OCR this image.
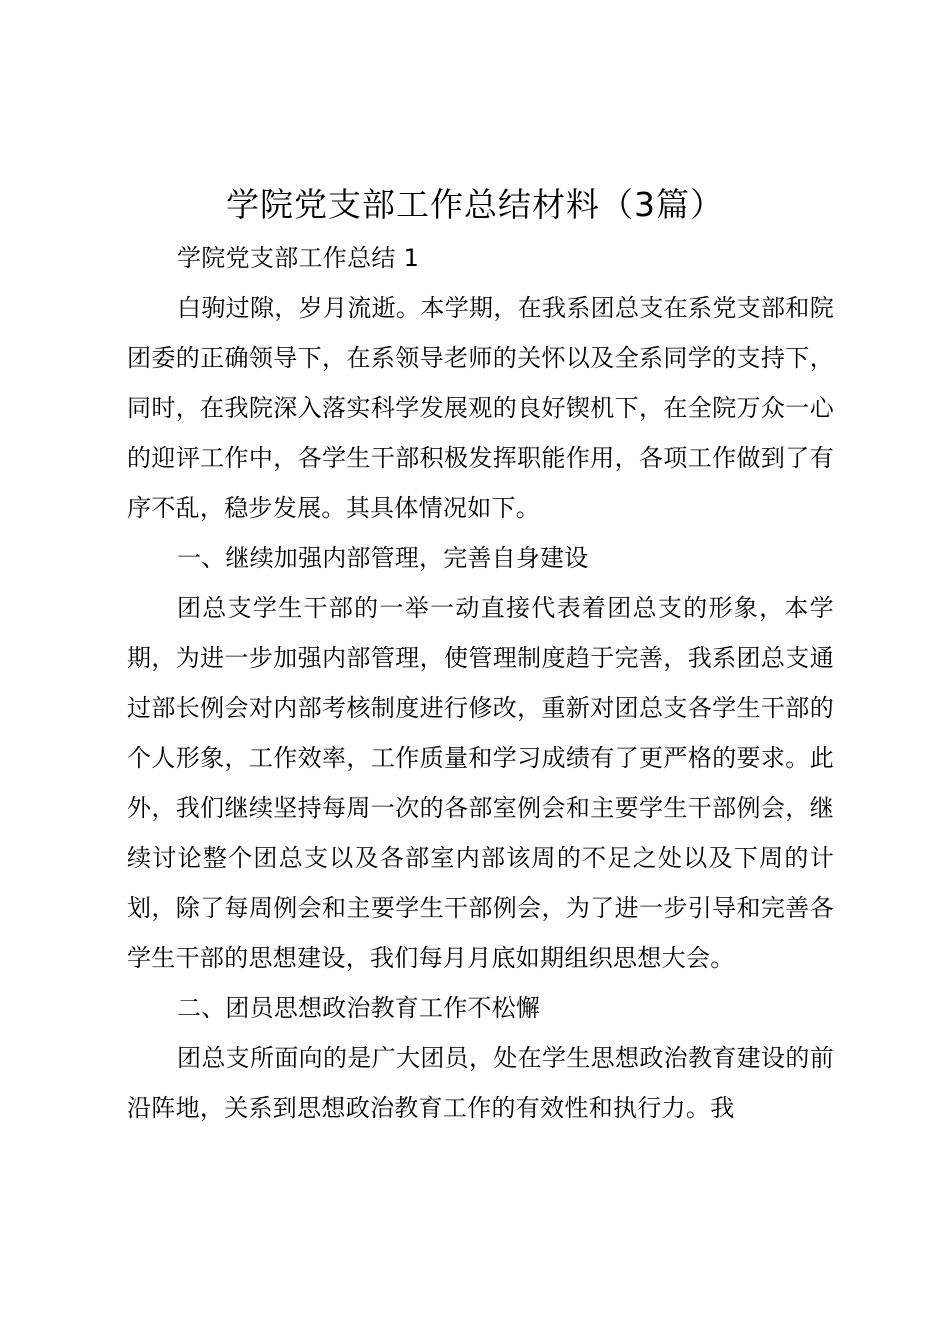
学院党支部工作总结材料（3篇）

学院党支部工作总结 1

白驹过隙，岁月流逝。本学期，在我系团总支在系党支部和院团委的正确领导下，在系领导老师的关怀以及全系同学的支持下，同时，在我院深入落实科学发展观的良好锲机下，在全院万众一心的迎评工作中，各学生干部积极发挥职能作用，各项工作做到了有序不乱，稳步发展。其具体情况如下。

一、继续加强内部管理，完善自身建设

团总支学生干部的一举一动直接代表着团总支的形象，本学期，为进一步加强内部管理，使管理制度趋于完善，我系团总支通过部长例会对内部考核制度进行修改，重新对团总支各学生干部的个人形象，工作效率，工作质量和学习成绩有了更严格的要求。此外，我们继续坚持每周一次的各部室例会和主要学生干部例会，继续讨论整个团总支以及各部室内部该周的不足之处以及下周的计划，除了每周例会和主要学生干部例会，为了进一步引导和完善各学生干部的思想建设，我们每月月底如期组织思想大会。

二、团员思想政治教育工作不松懈

团总支所面向的是广大团员，处在学生思想政治教育建设的前沿阵地，关系到思想政治教育工作的有效性和执行力。我
